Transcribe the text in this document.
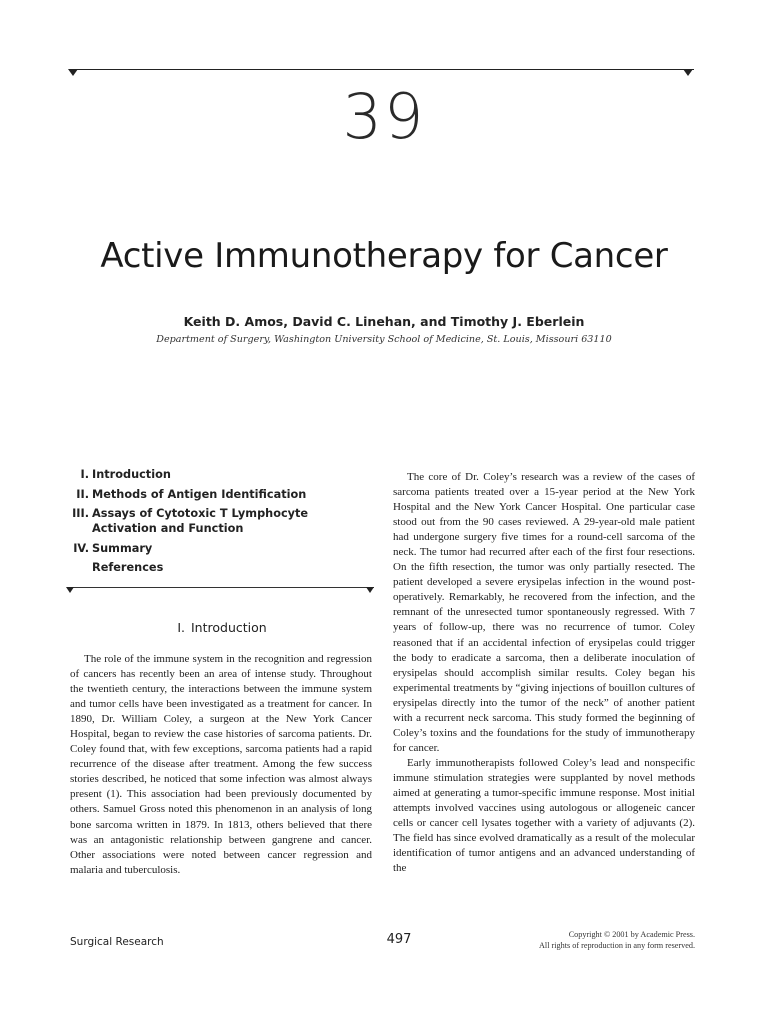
39
Active Immunotherapy for Cancer
Keith D. Amos, David C. Linehan, and Timothy J. Eberlein
Department of Surgery, Washington University School of Medicine, St. Louis, Missouri 63110
I. Introduction
II. Methods of Antigen Identification
III. Assays of Cytotoxic T Lymphocyte Activation and Function
IV. Summary
References
I. Introduction

The role of the immune system in the recognition and regression of cancers has recently been an area of intense study. Throughout the twentieth century, the interactions between the immune system and tumor cells have been investigated as a treatment for cancer. In 1890, Dr. William Coley, a surgeon at the New York Cancer Hospital, began to review the case histories of sarcoma patients. Dr. Coley found that, with few exceptions, sarcoma patients had a rapid recurrence of the disease after treatment. Among the few success stories described, he noticed that some infection was almost always present (1). This association had been previously documented by others. Samuel Gross noted this phenomenon in an analysis of long bone sarcoma written in 1879. In 1813, others believed that there was an antagonistic relationship between gangrene and cancer. Other associations were noted between cancer regression and malaria and tuberculosis.

The core of Dr. Coley’s research was a review of the cases of sarcoma patients treated over a 15-year period at the New York Hospital and the New York Cancer Hospital. One particular case stood out from the 90 cases reviewed. A 29-year-old male patient had undergone surgery five times for a round-cell sarcoma of the neck. The tumor had recurred after each of the first four resections. On the fifth resection, the tumor was only partially resected. The patient developed a severe erysipelas infection in the wound post-operatively. Remarkably, he recovered from the infection, and the remnant of the unresected tumor spontaneously regressed. With 7 years of follow-up, there was no recurrence of tumor. Coley reasoned that if an accidental infection of erysipelas could trigger the body to eradicate a sarcoma, then a deliberate inoculation of erysipelas should accomplish similar results. Coley began his experimental treatments by “giving injections of bouillon cultures of erysipelas directly into the tumor of the neck” of another patient with a recurrent neck sarcoma. This study formed the beginning of Coley’s toxins and the foundations for the study of immunotherapy for cancer.

Early immunotherapists followed Coley’s lead and nonspecific immune stimulation strategies were supplanted by novel methods aimed at generating a tumor-specific immune response. Most initial attempts involved vaccines using autologous or allogeneic cancer cells or cancer cell lysates together with a variety of adjuvants (2). The field has since evolved dramatically as a result of the molecular identification of tumor antigens and an advanced understanding of the

Surgical Research	497	Copyright © 2001 by Academic Press.
All rights of reproduction in any form reserved.
